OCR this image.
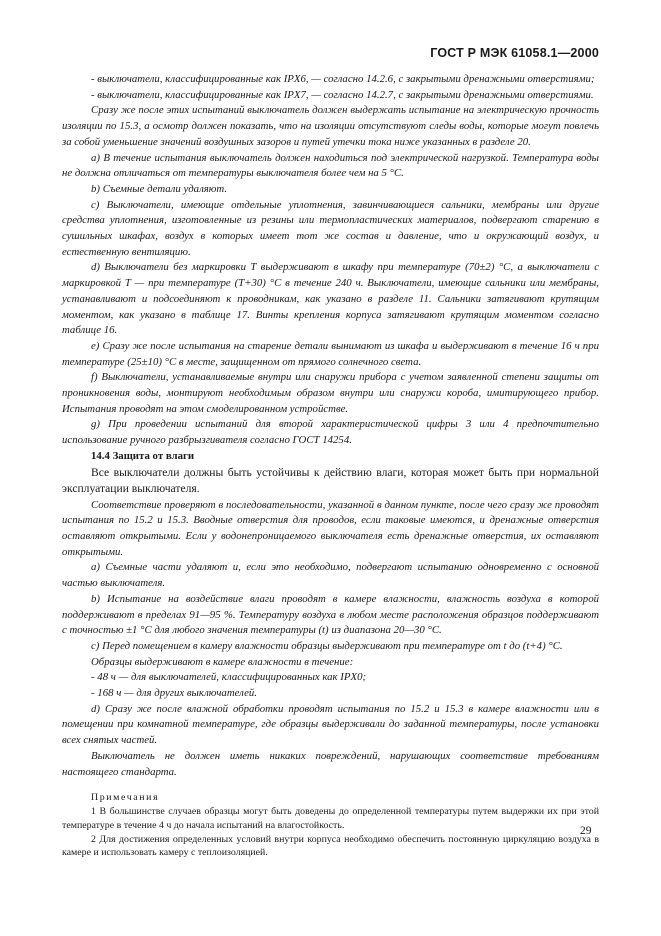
ГОСТ Р МЭК 61058.1—2000

- выключатели, классифицированные как IPX6, — согласно 14.2.6, с закрытыми дренажными отверстиями;

- выключатели, классифицированные как IPX7, — согласно 14.2.7, с закрытыми дренажными отверстиями.

Сразу же после этих испытаний выключатель должен выдержать испытание на электрическую прочность изоляции по 15.3, а осмотр должен показать, что на изоляции отсутствуют следы воды, которые могут повлечь за собой уменьшение значений воздушных зазоров и путей утечки тока ниже указанных в разделе 20.

a) В течение испытания выключатель должен находиться под электрической нагрузкой. Температура воды не должна отличаться от температуры выключателя более чем на 5 °С.

b) Съемные детали удаляют.

c) Выключатели, имеющие отдельные уплотнения, завинчивающиеся сальники, мембраны или другие средства уплотнения, изготовленные из резины или термопластических материалов, подвергают старению в сушильных шкафах, воздух в которых имеет тот же состав и давление, что и окружающий воздух, и естественную вентиляцию.

d) Выключатели без маркировки T выдерживают в шкафу при температуре (70±2) °С, а выключатели с маркировкой T — при температуре (T+30) °С в течение 240 ч. Выключатели, имеющие сальники или мембраны, устанавливают и подсоединяют к проводникам, как указано в разделе 11. Сальники затягивают крутящим моментом, как указано в таблице 17. Винты крепления корпуса затягивают крутящим моментом согласно таблице 16.

e) Сразу же после испытания на старение детали вынимают из шкафа и выдерживают в течение 16 ч при температуре (25±10) °С в месте, защищенном от прямого солнечного света.

f) Выключатели, устанавливаемые внутри или снаружи прибора с учетом заявленной степени защиты от проникновения воды, монтируют необходимым образом внутри или снаружи короба, имитирующего прибор. Испытания проводят на этом смоделированном устройстве.

g) При проведении испытаний для второй характеристической цифры 3 или 4 предпочтительно использование ручного разбрызгивателя согласно ГОСТ 14254.

14.4 Защита от влаги

Все выключатели должны быть устойчивы к действию влаги, которая может быть при нормальной эксплуатации выключателя.

Соответствие проверяют в последовательности, указанной в данном пункте, после чего сразу же проводят испытания по 15.2 и 15.3. Вводные отверстия для проводов, если таковые имеются, и дренажные отверстия оставляют открытыми. Если у водонепроницаемого выключателя есть дренажные отверстия, их оставляют открытыми.

a) Съемные части удаляют и, если это необходимо, подвергают испытанию одновременно с основной частью выключателя.

b) Испытание на воздействие влаги проводят в камере влажности, влажность воздуха в которой поддерживают в пределах 91—95 %. Температуру воздуха в любом месте расположения образцов поддерживают с точностью ±1 °С для любого значения температуры (t) из диапазона 20—30 °С.

c) Перед помещением в камеру влажности образцы выдерживают при температуре от t до (t+4) °С.

Образцы выдерживают в камере влажности в течение:

- 48 ч — для выключателей, классифицированных как IPX0;

- 168 ч — для других выключателей.

d) Сразу же после влажной обработки проводят испытания по 15.2 и 15.3 в камере влажности или в помещении при комнатной температуре, где образцы выдерживали до заданной температуры, после установки всех снятых частей.

Выключатель не должен иметь никаких повреждений, нарушающих соответствие требованиям настоящего стандарта.

Примечания

1 В большинстве случаев образцы могут быть доведены до определенной температуры путем выдержки их при этой температуре в течение 4 ч до начала испытаний на влагостойкость.

2 Для достижения определенных условий внутри корпуса необходимо обеспечить постоянную циркуляцию воздуха в камере и использовать камеру с теплоизоляцией.

29
